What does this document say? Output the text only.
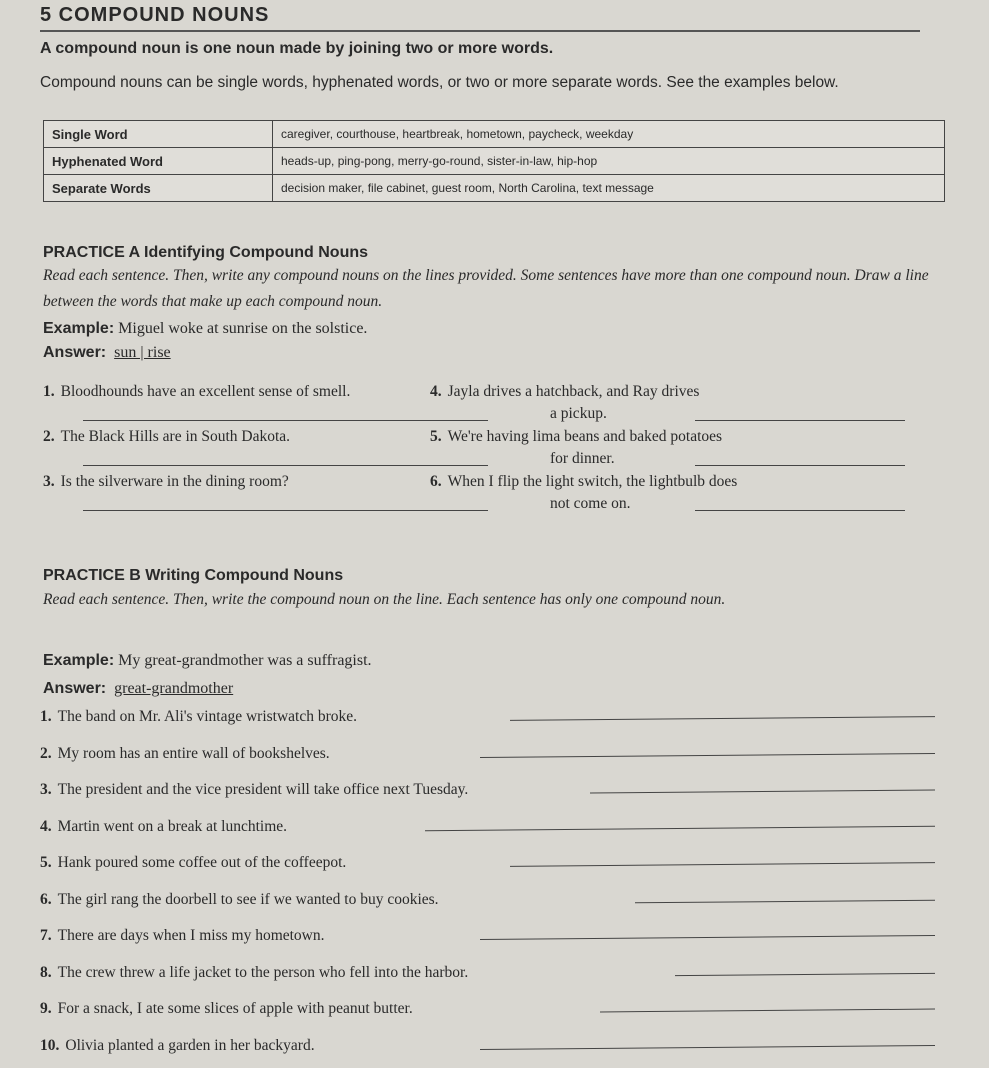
5 COMPOUND NOUNS
A compound noun is one noun made by joining two or more words.
Compound nouns can be single words, hyphenated words, or two or more separate words. See the examples below.
Single Word	caregiver, courthouse, heartbreak, hometown, paycheck, weekday
Hyphenated Word	heads-up, ping-pong, merry-go-round, sister-in-law, hip-hop
Separate Words	decision maker, file cabinet, guest room, North Carolina, text message
PRACTICE A Identifying Compound Nouns
Read each sentence. Then, write any compound nouns on the lines provided. Some sentences have more than one compound noun. Draw a line between the words that make up each compound noun.
Example: Miguel woke at sunrise on the solstice.
Answer: sun | rise
1. Bloodhounds have an excellent sense of smell.
2. The Black Hills are in South Dakota.
3. Is the silverware in the dining room?
4. Jayla drives a hatchback, and Ray drives
a pickup.
5. We're having lima beans and baked potatoes
for dinner.
6. When I flip the light switch, the lightbulb does
not come on.
PRACTICE B Writing Compound Nouns
Read each sentence. Then, write the compound noun on the line. Each sentence has only one compound noun.
Example: My great-grandmother was a suffragist.
Answer: great-grandmother
1. The band on Mr. Ali's vintage wristwatch broke.
2. My room has an entire wall of bookshelves.
3. The president and the vice president will take office next Tuesday.
4. Martin went on a break at lunchtime.
5. Hank poured some coffee out of the coffeepot.
6. The girl rang the doorbell to see if we wanted to buy cookies.
7. There are days when I miss my hometown.
8. The crew threw a life jacket to the person who fell into the harbor.
9. For a snack, I ate some slices of apple with peanut butter.
10. Olivia planted a garden in her backyard.
